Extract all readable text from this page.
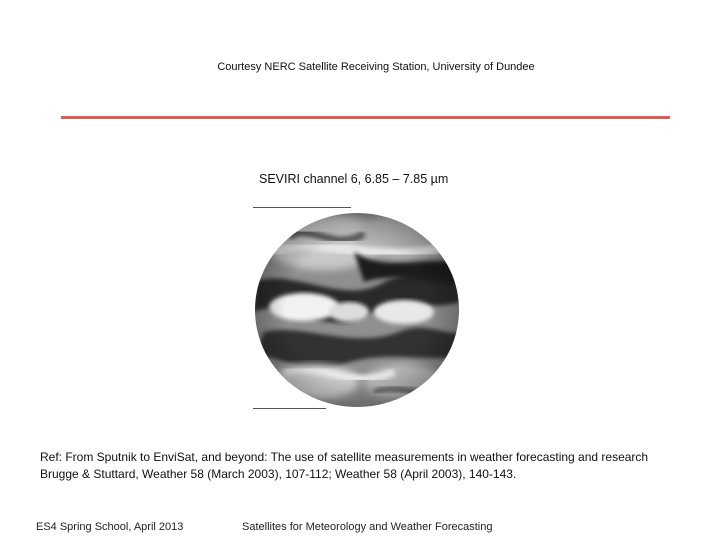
Courtesy NERC Satellite Receiving Station, University of Dundee
SEVIRI channel 6, 6.85 – 7.85 µm
Ref: From Sputnik to EnviSat, and beyond: The use of satellite measurements in weather forecasting and research
Brugge & Stuttard, Weather 58 (March 2003), 107-112; Weather 58 (April 2003), 140-143.
ES4 Spring School, April 2013	Satellites for Meteorology and Weather Forecasting
